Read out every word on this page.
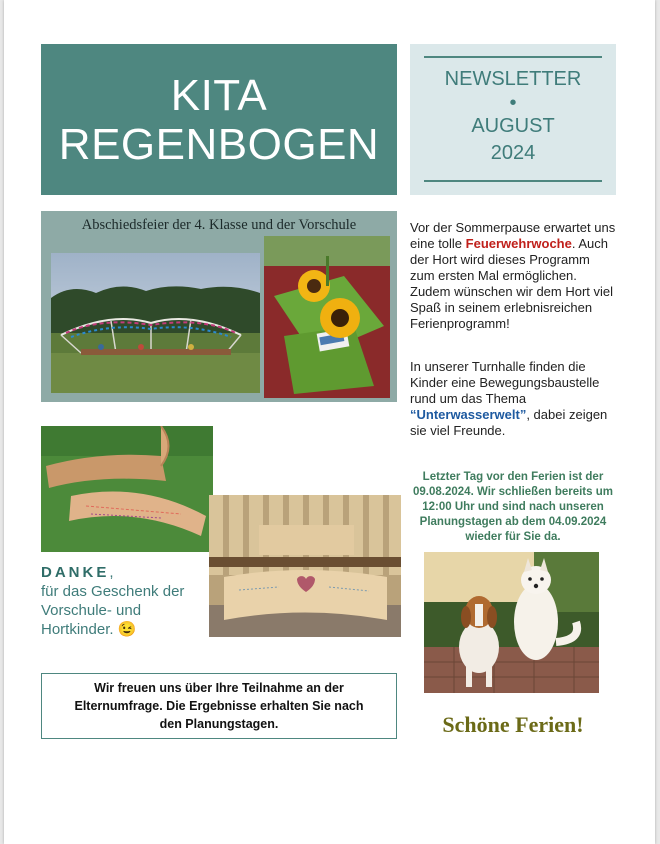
KITA
REGENBOGEN
NEWSLETTER
•
AUGUST
2024
Abschiedsfeier der 4. Klasse und der Vorschule	Vor der Sommerpause erwartet uns eine tolle Feuerwehrwoche. Auch der Hort wird dieses Programm zum ersten Mal ermöglichen. Zudem wünschen wir dem Hort viel Spaß in seinem erlebnisreichen Ferienprogramm!
In unserer Turnhalle finden die Kinder eine Bewegungsbaustelle rund um das Thema “Unterwasserwelt”, dabei zeigen sie viel Freunde.
Letzter Tag vor den Ferien ist der 09.08.2024. Wir schließen bereits um 12:00 Uhr und sind nach unseren Planungstagen ab dem 04.09.2024 wieder für Sie da.
DANKE,
für das Geschenk der Vorschule- und Hortkinder. 😉
Wir freuen uns über Ihre Teilnahme an der Elternumfrage. Die Ergebnisse erhalten Sie nach den Planungstagen.	Schöne Ferien!
